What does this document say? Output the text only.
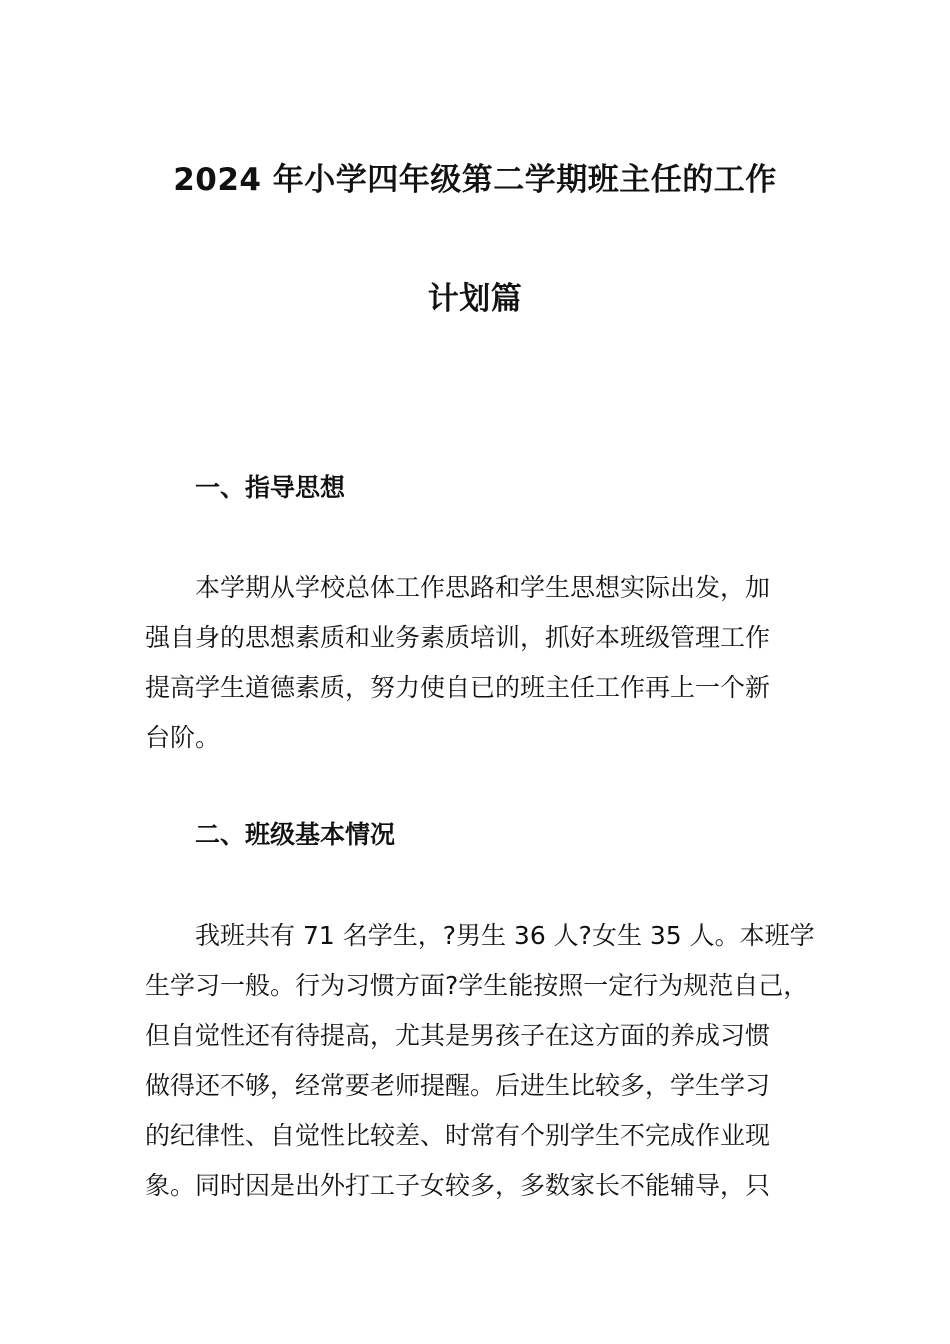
2024 年小学四年级第二学期班主任的工作
计划篇
一、指导思想
本学期从学校总体工作思路和学生思想实际出发，加
强自身的思想素质和业务素质培训，抓好本班级管理工作
提高学生道德素质，努力使自已的班主任工作再上一个新
台阶。
二、班级基本情况
我班共有 71 名学生，?男生 36 人?女生 35 人。本班学
生学习一般。行为习惯方面?学生能按照一定行为规范自己，
但自觉性还有待提高，尤其是男孩子在这方面的养成习惯
做得还不够，经常要老师提醒。后进生比较多，学生学习
的纪律性、自觉性比较差、时常有个别学生不完成作业现
象。同时因是出外打工子女较多，多数家长不能辅导，只
